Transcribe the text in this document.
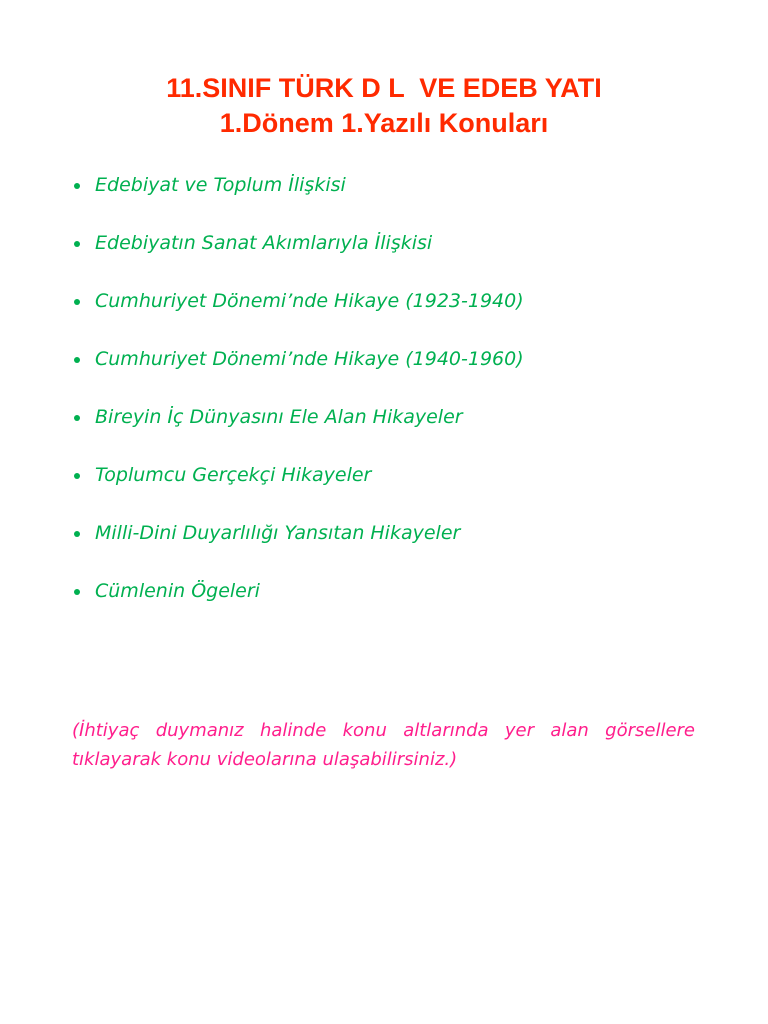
11.SINIF TÜRK D L  VE EDEB YATI
1.Dönem 1.Yazılı Konuları
Edebiyat ve Toplum İlişkisi
Edebiyatın Sanat Akımlarıyla İlişkisi
Cumhuriyet Dönemi’nde Hikaye (1923-1940)
Cumhuriyet Dönemi’nde Hikaye (1940-1960)
Bireyin İç Dünyasını Ele Alan Hikayeler
Toplumcu Gerçekçi Hikayeler
Milli-Dini Duyarlılığı Yansıtan Hikayeler
Cümlenin Ögeleri

(İhtiyaç duymanız halinde konu altlarında yer alan görsellere tıklayarak konu videolarına ulaşabilirsiniz.)
